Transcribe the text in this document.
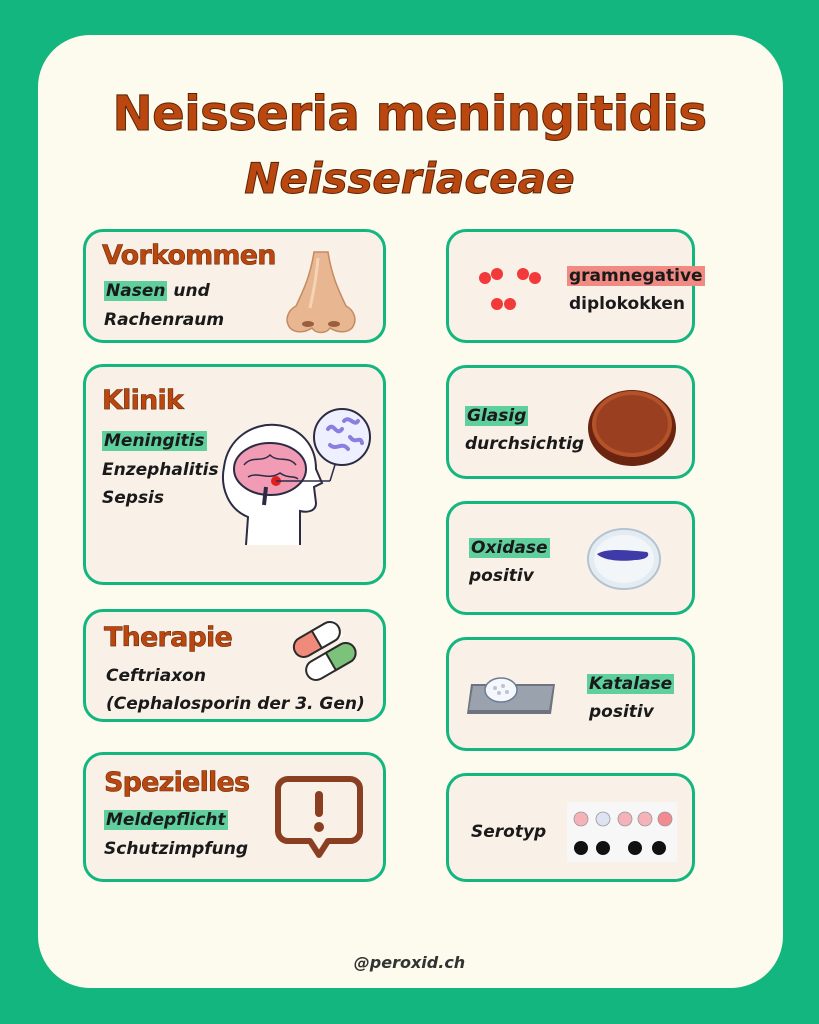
Neisseria meningitidis
Neisseriaceae
Vorkommen
Nasen und
Rachenraum
Klinik
Meningitis
Enzephalitis
Sepsis
Therapie
Ceftriaxon
(Cephalosporin der 3. Gen)
Spezielles
Meldepflicht
Schutzimpfung
gramnegative
diplokokken
Glasig
durchsichtig
Oxidase
positiv
Katalase
positiv
Serotyp
@peroxid.ch
